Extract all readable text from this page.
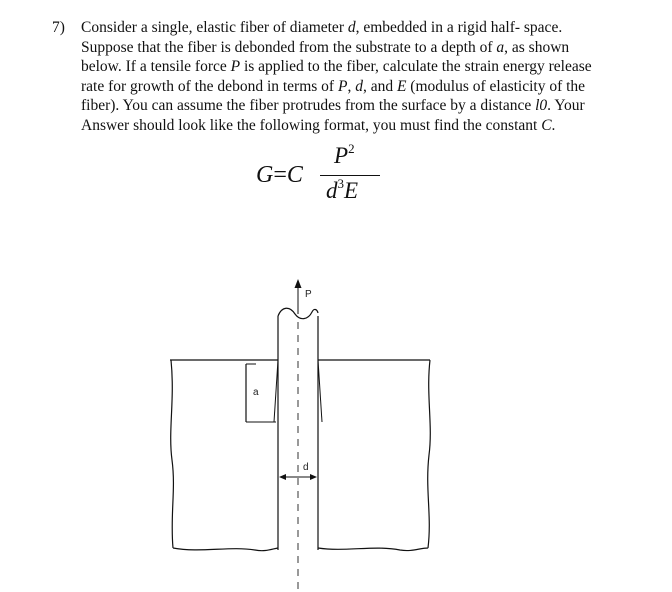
7) Consider a single, elastic fiber of diameter d, embedded in a rigid half- space.
Suppose that the fiber is debonded from the substrate to a depth of a, as shown
below. If a tensile force P is applied to the fiber, calculate the strain energy release
rate for growth of the debond in terms of P, d, and E (modulus of elasticity of the
fiber). You can assume the fiber protrudes from the surface by a distance l0. Your
Answer should look like the following format, you must find the constant C.
G=C
$P^2$
$d^3E$
P
a
d
